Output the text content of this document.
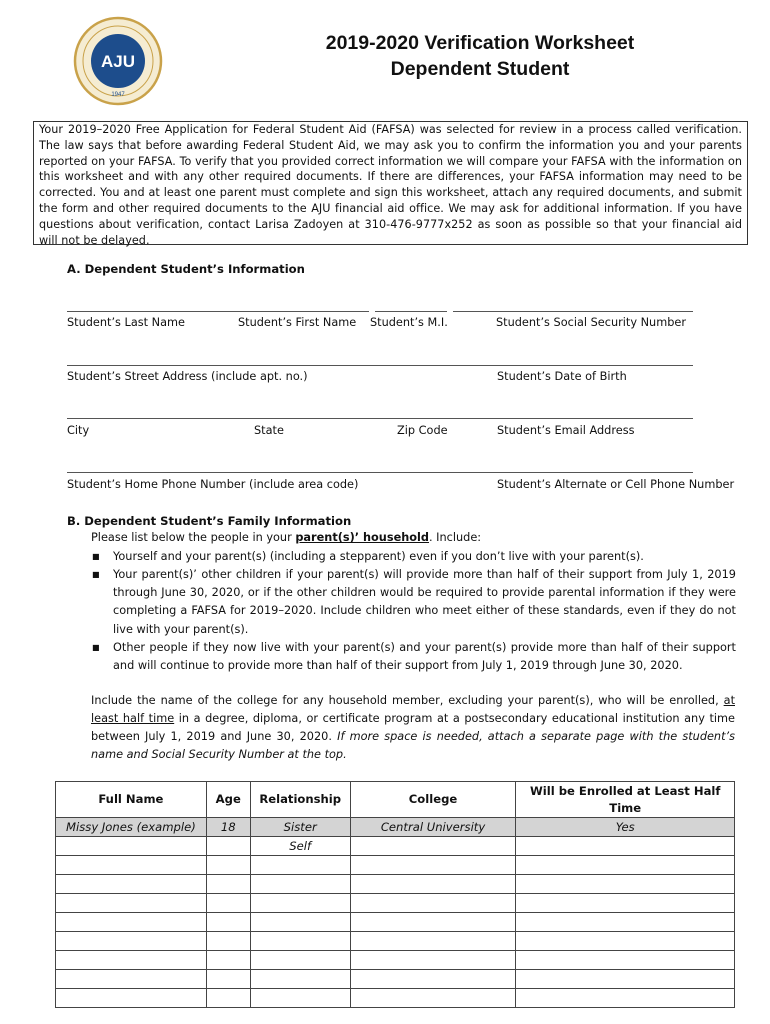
AJU
1947
2019-2020 Verification Worksheet
Dependent Student
Your 2019–2020 Free Application for Federal Student Aid (FAFSA) was selected for review in a process called verification. The law says that before awarding Federal Student Aid, we may ask you to confirm the information you and your parents reported on your FAFSA. To verify that you provided correct information we will compare your FAFSA with the information on this worksheet and with any other required documents. If there are differences, your FAFSA information may need to be corrected. You and at least one parent must complete and sign this worksheet, attach any required documents, and submit the form and other required documents to the AJU financial aid office. We may ask for additional information. If you have questions about verification, contact Larisa Zadoyen at 310-476-9777x252 as soon as possible so that your financial aid will not be delayed.
A. Dependent Student’s Information
Student’s Last Name	Student’s First Name Student’s M.I.	Student’s Social Security Number
Student’s Street Address (include apt. no.)	Student’s Date of Birth
City	State	Zip Code	Student’s Email Address
Student’s Home Phone Number (include area code)	Student’s Alternate or Cell Phone Number
B. Dependent Student’s Family Information
Please list below the people in your parent(s)’ household. Include:
■	Yourself and your parent(s) (including a stepparent) even if you don’t live with your parent(s).
■	Your parent(s)’ other children if your parent(s) will provide more than half of their support from July 1, 2019 through June 30, 2020, or if the other children would be required to provide parental information if they were completing a FAFSA for 2019–2020. Include children who meet either of these standards, even if they do not live with your parent(s).
■	Other people if they now live with your parent(s) and your parent(s) provide more than half of their support and will continue to provide more than half of their support from July 1, 2019 through June 30, 2020.
Include the name of the college for any household member, excluding your parent(s), who will be enrolled, at least half time in a degree, diploma, or certificate program at a postsecondary educational institution any time between July 1, 2019 and June 30, 2020. If more space is needed, attach a separate page with the student’s name and Social Security Number at the top.
Full Name	Age	Relationship	College	Will be Enrolled at Least Half Time
Missy Jones (example)	18	Sister	Central University	Yes
		Self		
